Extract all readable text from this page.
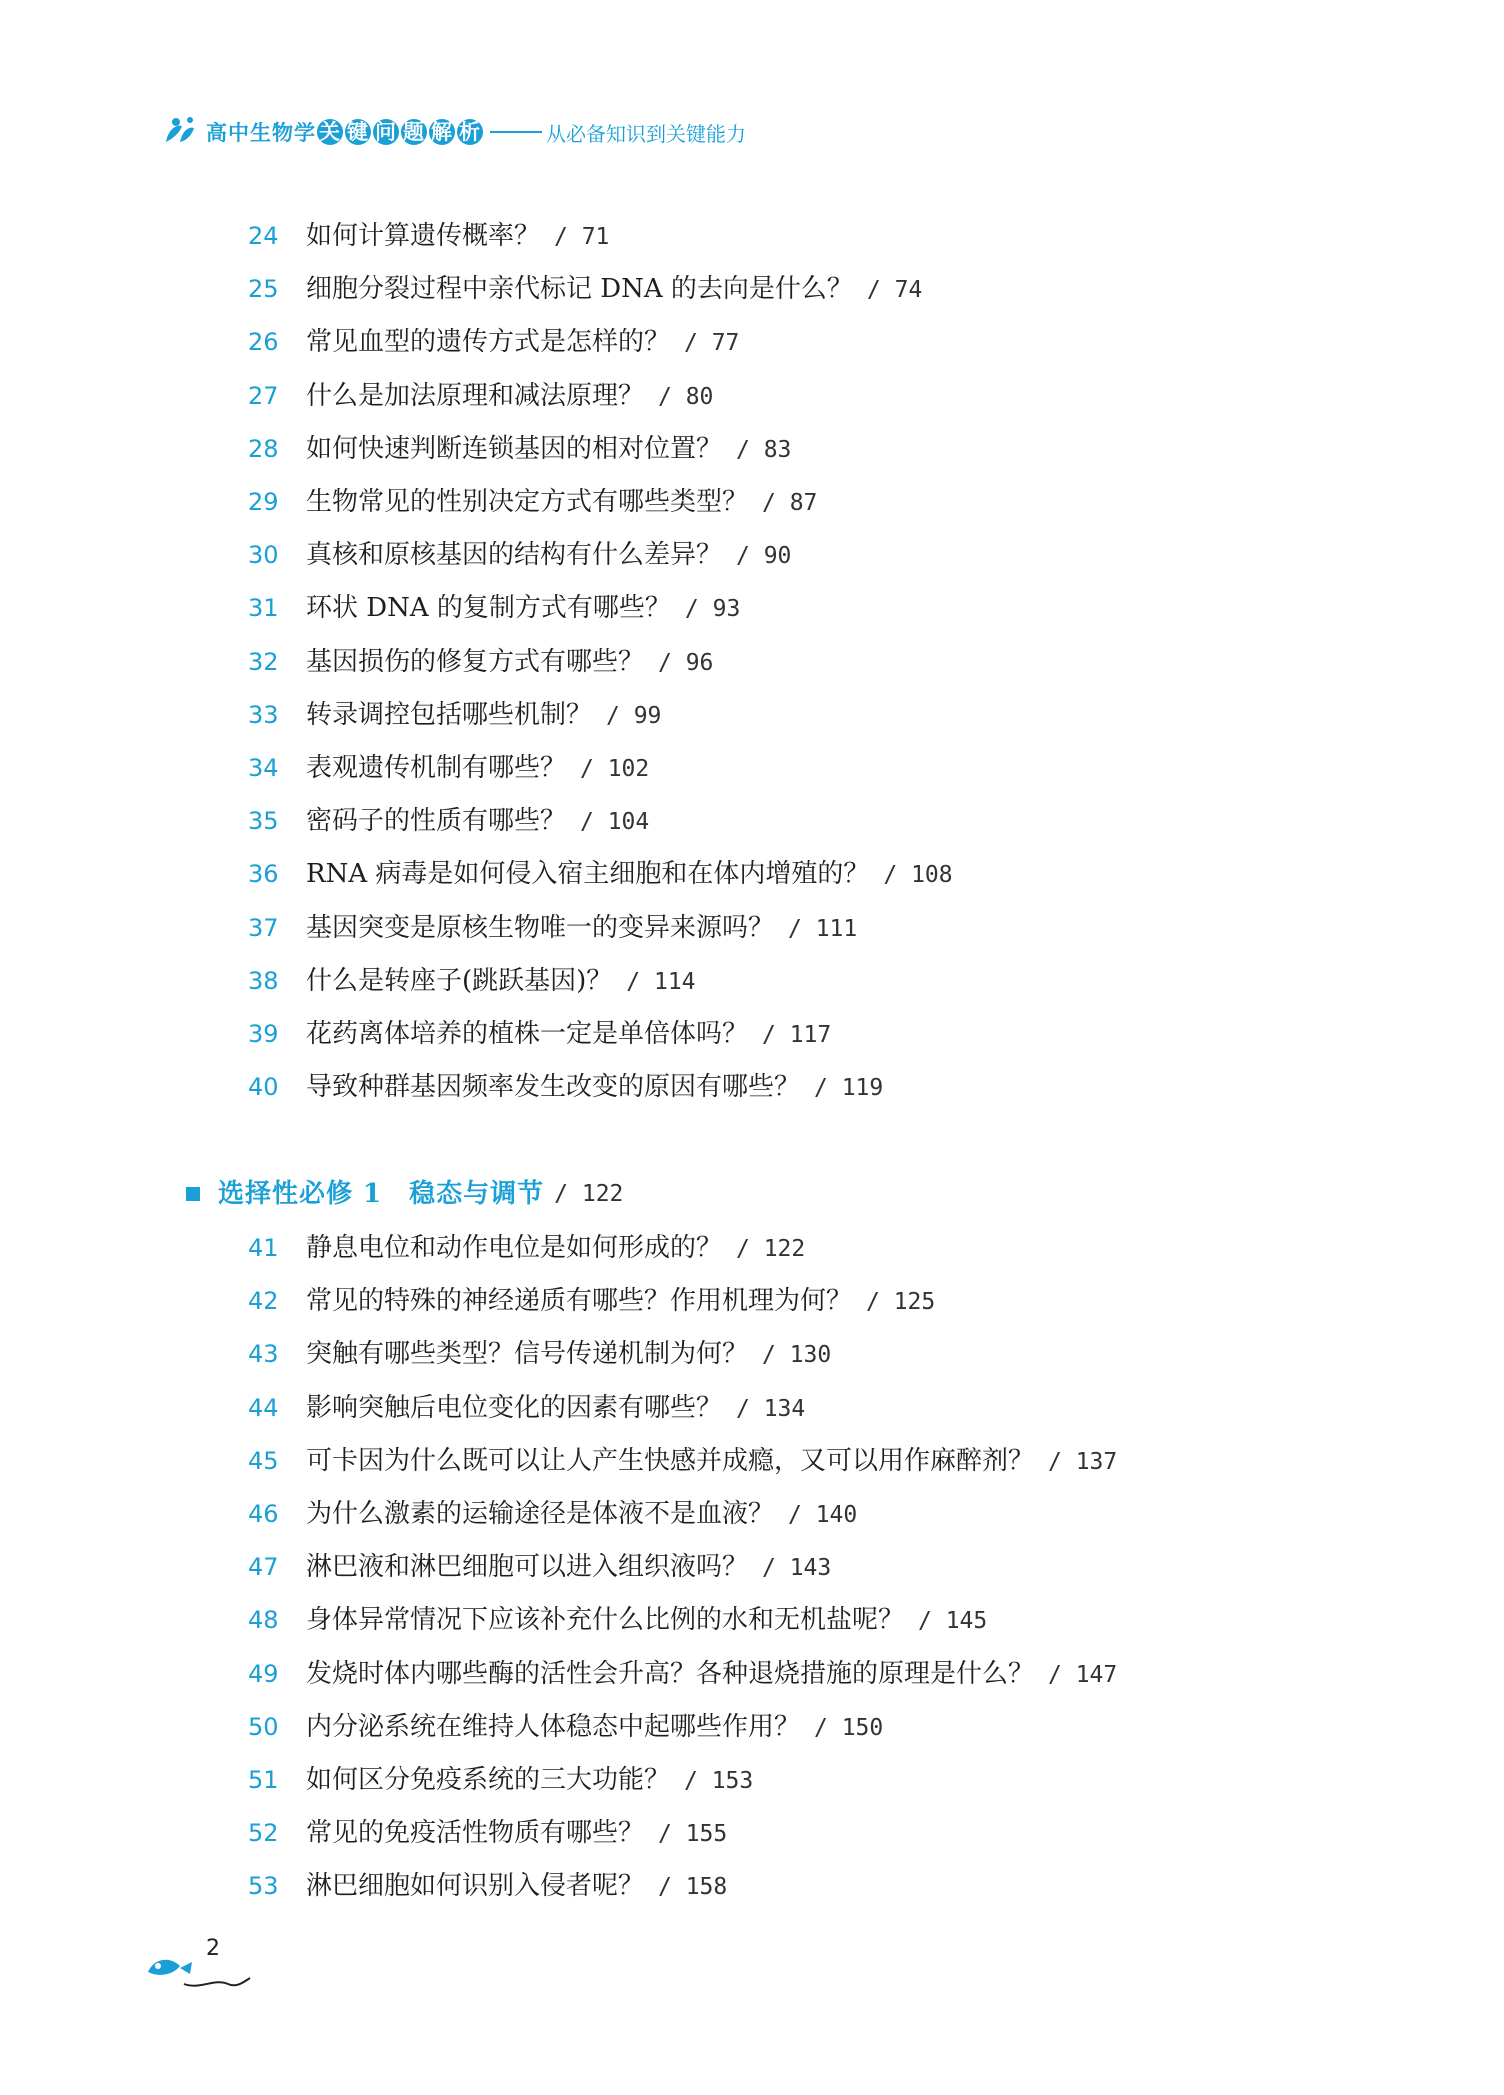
高中生物学 关 键 问 题 解 析	从必备知识到关键能力
24 如何计算遗传概率？ / 71
25 细胞分裂过程中亲代标记 DNA 的去向是什么？ / 74
26 常见血型的遗传方式是怎样的？ / 77
27 什么是加法原理和减法原理？ / 80
28 如何快速判断连锁基因的相对位置？ / 83
29 生物常见的性别决定方式有哪些类型？ / 87
30 真核和原核基因的结构有什么差异？ / 90
31 环状 DNA 的复制方式有哪些？ / 93
32 基因损伤的修复方式有哪些？ / 96
33 转录调控包括哪些机制？ / 99
34 表观遗传机制有哪些？ / 102
35 密码子的性质有哪些？ / 104
36 RNA 病毒是如何侵入宿主细胞和在体内增殖的？ / 108
37 基因突变是原核生物唯一的变异来源吗？ / 111
38 什么是转座子(跳跃基因)？ / 114
39 花药离体培养的植株一定是单倍体吗？ / 117
40 导致种群基因频率发生改变的原因有哪些？ / 119
选择性必修 1　稳态与调节 / 122
41 静息电位和动作电位是如何形成的？ / 122
42 常见的特殊的神经递质有哪些？作用机理为何？ / 125
43 突触有哪些类型？信号传递机制为何？ / 130
44 影响突触后电位变化的因素有哪些？ / 134
45 可卡因为什么既可以让人产生快感并成瘾，又可以用作麻醉剂？ / 137
46 为什么激素的运输途径是体液不是血液？ / 140
47 淋巴液和淋巴细胞可以进入组织液吗？ / 143
48 身体异常情况下应该补充什么比例的水和无机盐呢？ / 145
49 发烧时体内哪些酶的活性会升高？各种退烧措施的原理是什么？ / 147
50 内分泌系统在维持人体稳态中起哪些作用？ / 150
51 如何区分免疫系统的三大功能？ / 153
52 常见的免疫活性物质有哪些？ / 155
53 淋巴细胞如何识别入侵者呢？ / 158
2
